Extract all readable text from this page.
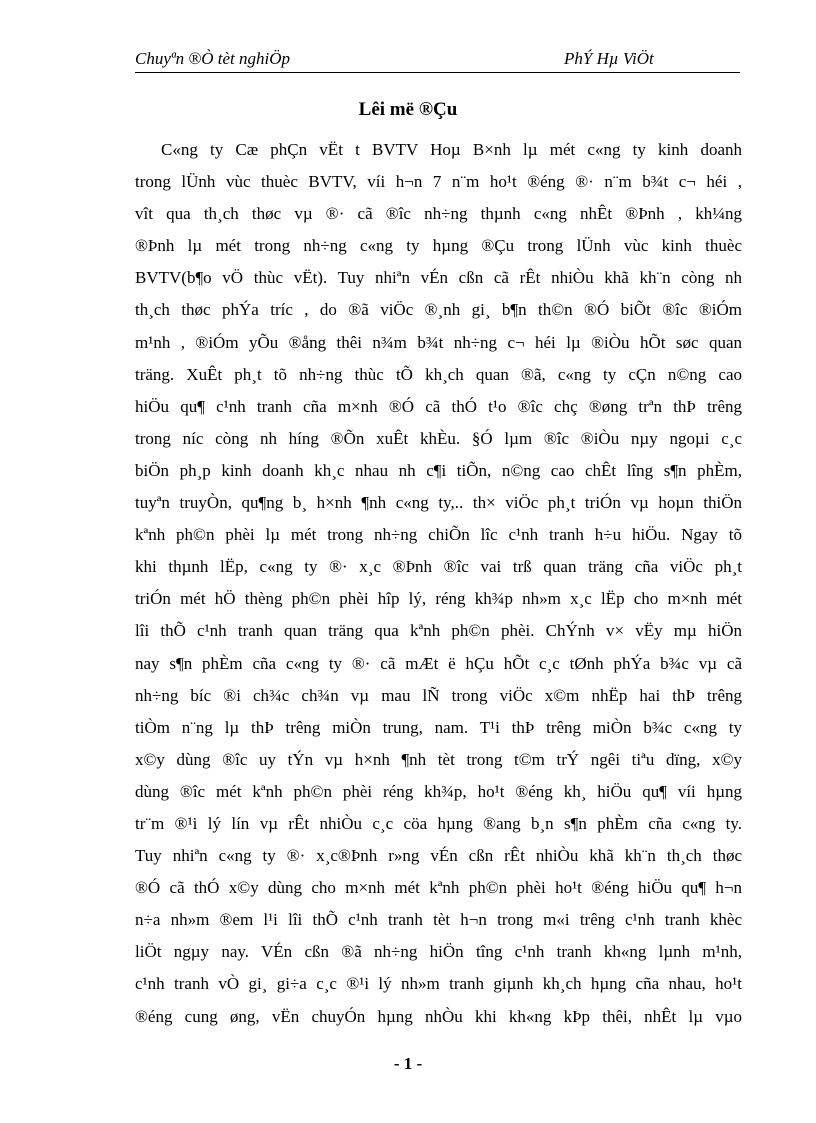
Chuyªn ®Ò tèt nghiÖp	PhÝ Hµ ViÖt
Lêi më ®Çu
C«ng ty Cæ phÇn vËt t BVTV Hoµ B×nh lµ mét c«ng ty kinh doanh
trong lÜnh vùc thuèc BVTV, víi h¬n 7 n¨m ho¹t ®éng ®· n¨m b¾t c¬ héi ,
vît qua th¸ch thøc vµ ®· cã ®îc nh÷ng thµnh c«ng nhÊt ®Þnh , kh¼ng
®Þnh lµ mét trong nh÷ng c«ng ty hµng ®Çu trong lÜnh vùc kinh thuèc
BVTV(b¶o vÖ thùc vËt). Tuy nhiªn vÉn cßn cã rÊt nhiÒu khã kh¨n còng nh
th¸ch thøc phÝa tríc , do ®ã viÖc ®¸nh gi¸ b¶n th©n ®Ó biÕt ®îc ®iÓm
m¹nh , ®iÓm yÕu ®ång thêi n¾m b¾t nh÷ng c¬ héi lµ ®iÒu hÕt søc quan
träng. XuÊt ph¸t tõ nh÷ng thùc tÕ kh¸ch quan ®ã, c«ng ty cÇn n©ng cao
hiÖu qu¶ c¹nh tranh cña m×nh ®Ó cã thÓ t¹o ®îc chç ®øng trªn thÞ trêng
trong níc còng nh híng ®Õn xuÊt khÈu. §Ó lµm ®îc ®iÒu nµy ngoµi c¸c
biÖn ph¸p kinh doanh kh¸c nhau nh c¶i tiÕn, n©ng cao chÊt lîng s¶n phÈm,
tuyªn truyÒn, qu¶ng b¸ h×nh ¶nh c«ng ty,.. th× viÖc ph¸t triÓn vµ hoµn thiÖn
kªnh ph©n phèi lµ mét trong nh÷ng chiÕn lîc c¹nh tranh h÷u hiÖu. Ngay tõ
khi thµnh lËp, c«ng ty ®· x¸c ®Þnh ®îc vai trß quan träng cña viÖc ph¸t
triÓn mét hÖ thèng ph©n phèi hîp lý, réng kh¾p nh»m x¸c lËp cho m×nh mét
lîi thÕ c¹nh tranh quan träng qua kªnh ph©n phèi. ChÝnh v× vËy mµ hiÖn
nay s¶n phÈm cña c«ng ty ®· cã mÆt ë hÇu hÕt c¸c tØnh phÝa b¾c vµ cã
nh÷ng bíc ®i ch¾c ch¾n vµ mau lÑ trong viÖc x©m nhËp hai thÞ trêng
tiÒm n¨ng lµ thÞ trêng miÒn trung, nam. T¹i thÞ trêng miÒn b¾c c«ng ty
x©y dùng ®îc uy tÝn vµ h×nh ¶nh tèt trong t©m trÝ ngêi tiªu dïng, x©y
dùng ®îc mét kªnh ph©n phèi réng kh¾p, ho¹t ®éng kh¸ hiÖu qu¶ víi hµng
tr¨m ®¹i lý lín vµ rÊt nhiÒu c¸c cöa hµng ®ang b¸n s¶n phÈm cña c«ng ty.
Tuy nhiªn c«ng ty ®· x¸c®Þnh r»ng vÉn cßn rÊt nhiÒu khã kh¨n th¸ch thøc
®Ó cã thÓ x©y dùng cho m×nh mét kªnh ph©n phèi ho¹t ®éng hiÖu qu¶ h¬n
n÷a nh»m ®em l¹i lîi thÕ c¹nh tranh tèt h¬n trong m«i trêng c¹nh tranh khèc
liÖt ngµy nay. VÉn cßn ®ã nh÷ng hiÖn tîng c¹nh tranh kh«ng lµnh m¹nh,
c¹nh tranh vÒ gi¸ gi÷a c¸c ®¹i lý nh»m tranh giµnh kh¸ch hµng cña nhau, ho¹t
®éng cung øng, vËn chuyÓn hµng nhÒu khi kh«ng kÞp thêi, nhÊt lµ vµo
- 1 -
